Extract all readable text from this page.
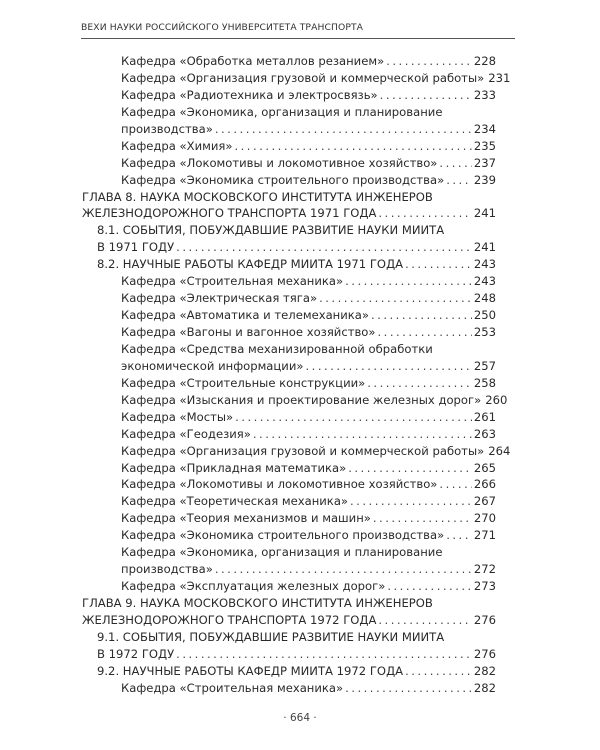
ВЕХИ НАУКИ РОССИЙСКОГО УНИВЕРСИТЕТА ТРАНСПОРТА
Кафедра «Обработка металлов резанием» . . .	228
Кафедра «Организация грузовой и коммерческой работы» 231
Кафедра «Радиотехника и электросвязь» . . .	233
Кафедра «Экономика, организация и планирование
производства» . . .	234
Кафедра «Химия» . . .	235
Кафедра «Локомотивы и локомотивное хозяйство» . . .	237
Кафедра «Экономика строительного производства» . . .	239
ГЛАВА 8. НАУКА МОСКОВСКОГО ИНСТИТУТА ИНЖЕНЕРОВ
ЖЕЛЕЗНОДОРОЖНОГО ТРАНСПОРТА 1971 ГОДА . . .	241
8.1. СОБЫТИЯ, ПОБУЖДАВШИЕ РАЗВИТИЕ НАУКИ МИИТА
В 1971 ГОДУ . . .	241
8.2. НАУЧНЫЕ РАБОТЫ КАФЕДР МИИТА 1971 ГОДА . . .	243
Кафедра «Строительная механика» . . .	243
Кафедра «Электрическая тяга» . . .	248
Кафедра «Автоматика и телемеханика» . . .	250
Кафедра «Вагоны и вагонное хозяйство» . . .	253
Кафедра «Средства механизированной обработки
экономической информации» . . .	257
Кафедра «Строительные конструкции» . . .	258
Кафедра «Изыскания и проектирование железных дорог» 260
Кафедра «Мосты» . . .	261
Кафедра «Геодезия» . . .	263
Кафедра «Организация грузовой и коммерческой работы» 264
Кафедра «Прикладная математика» . . .	265
Кафедра «Локомотивы и локомотивное хозяйство» . . .	266
Кафедра «Теоретическая механика» . . .	267
Кафедра «Теория механизмов и машин» . . .	270
Кафедра «Экономика строительного производства» . . .	271
Кафедра «Экономика, организация и планирование
производства» . . .	272
Кафедра «Эксплуатация железных дорог» . . .	273
ГЛАВА 9. НАУКА МОСКОВСКОГО ИНСТИТУТА ИНЖЕНЕРОВ
ЖЕЛЕЗНОДОРОЖНОГО ТРАНСПОРТА 1972 ГОДА . . .	276
9.1. СОБЫТИЯ, ПОБУЖДАВШИЕ РАЗВИТИЕ НАУКИ МИИТА
В 1972 ГОДУ . . .	276
9.2. НАУЧНЫЕ РАБОТЫ КАФЕДР МИИТА 1972 ГОДА . . .	282
Кафедра «Строительная механика» . . .	282
· 664 ·
